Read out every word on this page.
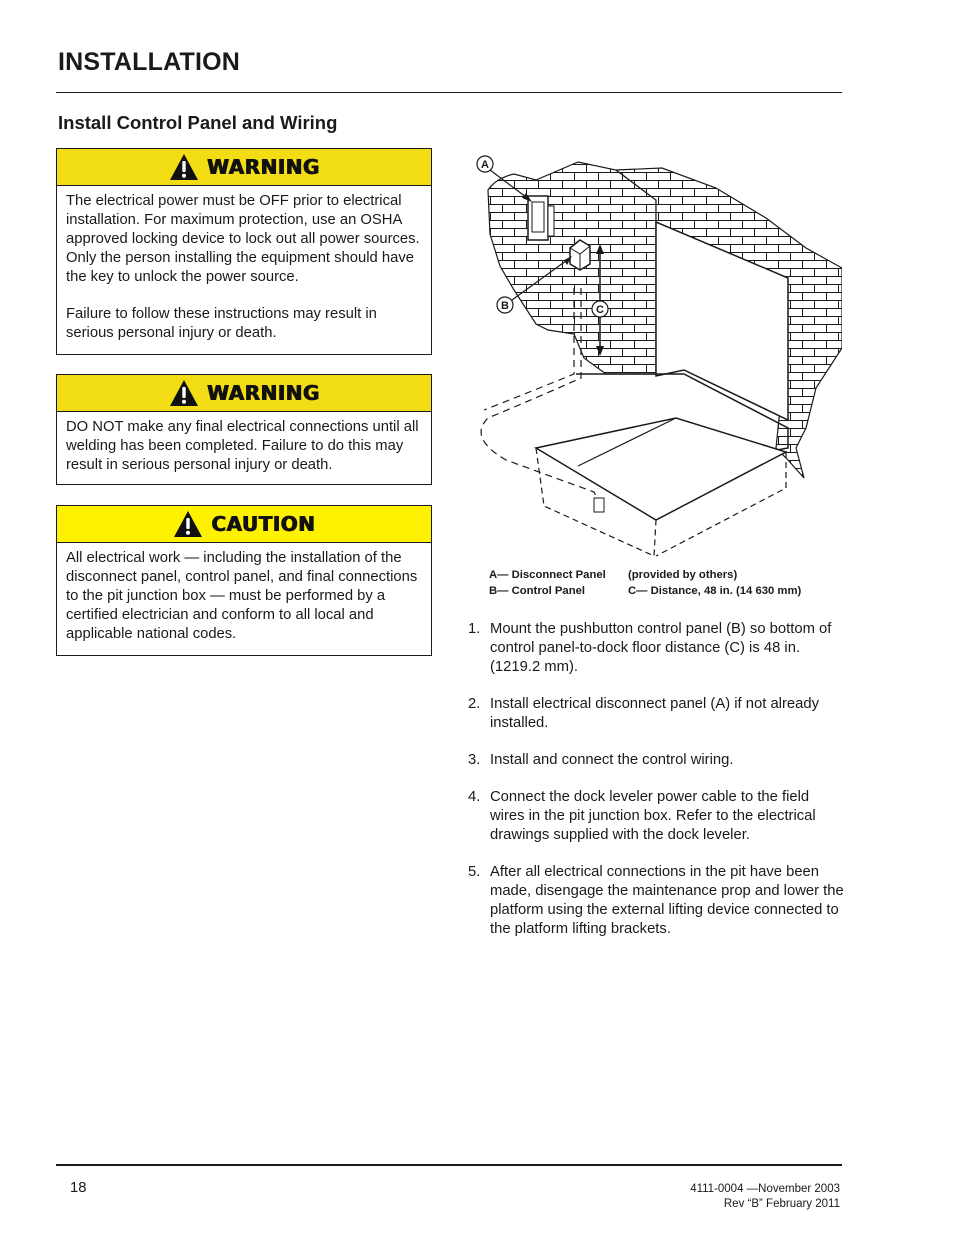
INSTALLATION
Install Control Panel and Wiring
WARNING

The electrical power must be OFF prior to electrical installation. For maximum protection, use an OSHA approved locking device to lock out all power sources. Only the person installing the equipment should have the key to unlock the power source.

Failure to follow these instructions may result in serious personal injury or death.

WARNING

DO NOT make any final electrical connections until all welding has been completed. Failure to do this may result in serious personal injury or death.

CAUTION

All electrical work — including the installation of the disconnect panel, control panel, and final connections to the pit junction box — must be performed by a certified electrician and conform to all local and applicable national codes.

A
B	C
A— Disconnect Panel	(provided by others)
B— Control Panel	C— Distance, 48 in. (14 630 mm)
1. Mount the pushbutton control panel (B) so bottom of control panel-to-dock floor distance (C) is 48 in. (1219.2 mm).
2. Install electrical disconnect panel (A) if not already installed.
3. Install and connect the control wiring.
4. Connect the dock leveler power cable to the field wires in the pit junction box. Refer to the electrical drawings supplied with the dock leveler.
5. After all electrical connections in the pit have been made, disengage the maintenance prop and lower the platform using the external lifting device connected to the platform lifting brackets.
18	4111-0004 —November 2003
Rev “B” February 2011
